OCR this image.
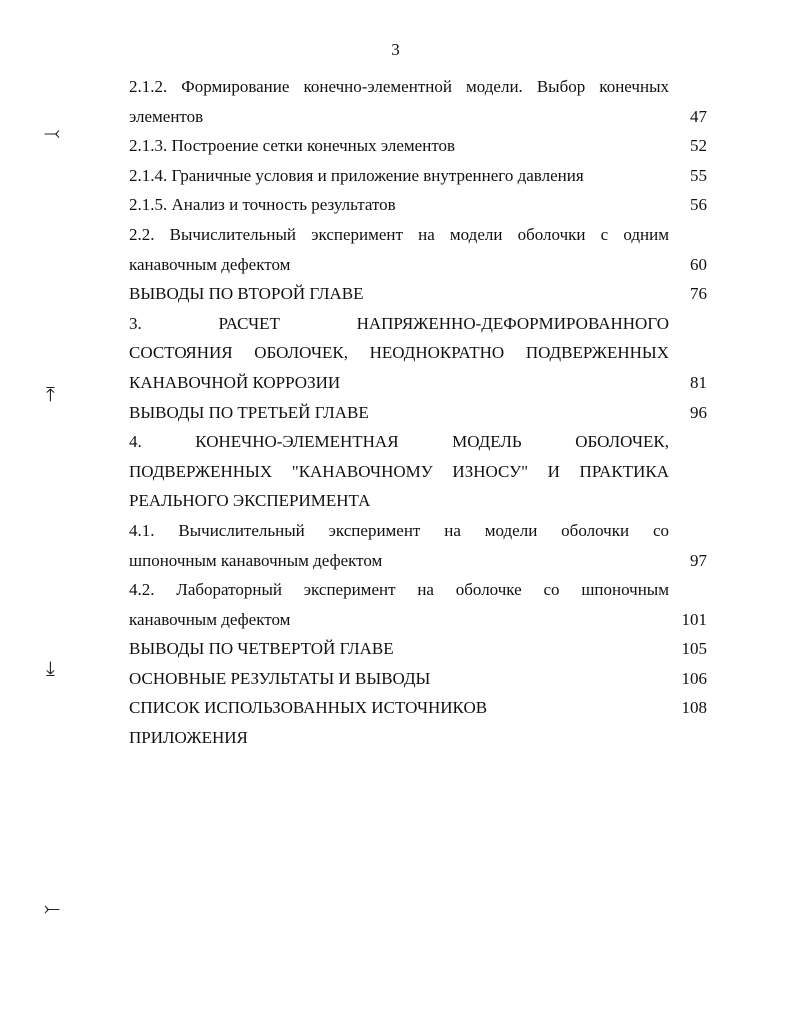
3
2.1.2. Формирование конечно-элементной модели. Выбор конечных
элементов	47
2.1.3. Построение сетки конечных элементов	52
2.1.4. Граничные условия и приложение внутреннего давления	55
2.1.5. Анализ и точность результатов	56
2.2. Вычислительный эксперимент на модели оболочки с одним
канавочным дефектом	60
ВЫВОДЫ ПО ВТОРОЙ ГЛАВЕ	76
3. РАСЧЕТ НАПРЯЖЕННО-ДЕФОРМИРОВАННОГО
СОСТОЯНИЯ ОБОЛОЧЕК, НЕОДНОКРАТНО ПОДВЕРЖЕННЫХ
КАНАВОЧНОЙ КОРРОЗИИ	81
ВЫВОДЫ ПО ТРЕТЬЕЙ ГЛАВЕ	96
4. КОНЕЧНО-ЭЛЕМЕНТНАЯ МОДЕЛЬ ОБОЛОЧЕК,
ПОДВЕРЖЕННЫХ "КАНАВОЧНОМУ ИЗНОСУ" И ПРАКТИКА
РЕАЛЬНОГО ЭКСПЕРИМЕНТА
4.1. Вычислительный эксперимент на модели оболочки со
шпоночным канавочным дефектом	97
4.2. Лабораторный эксперимент на оболочке со шпоночным
канавочным дефектом	101
ВЫВОДЫ ПО ЧЕТВЕРТОЙ ГЛАВЕ	105
ОСНОВНЫЕ РЕЗУЛЬТАТЫ И ВЫВОДЫ	106
СПИСОК ИСПОЛЬЗОВАННЫХ ИСТОЧНИКОВ	108
ПРИЛОЖЕНИЯ
⤙
⤒
⤓
⤚
